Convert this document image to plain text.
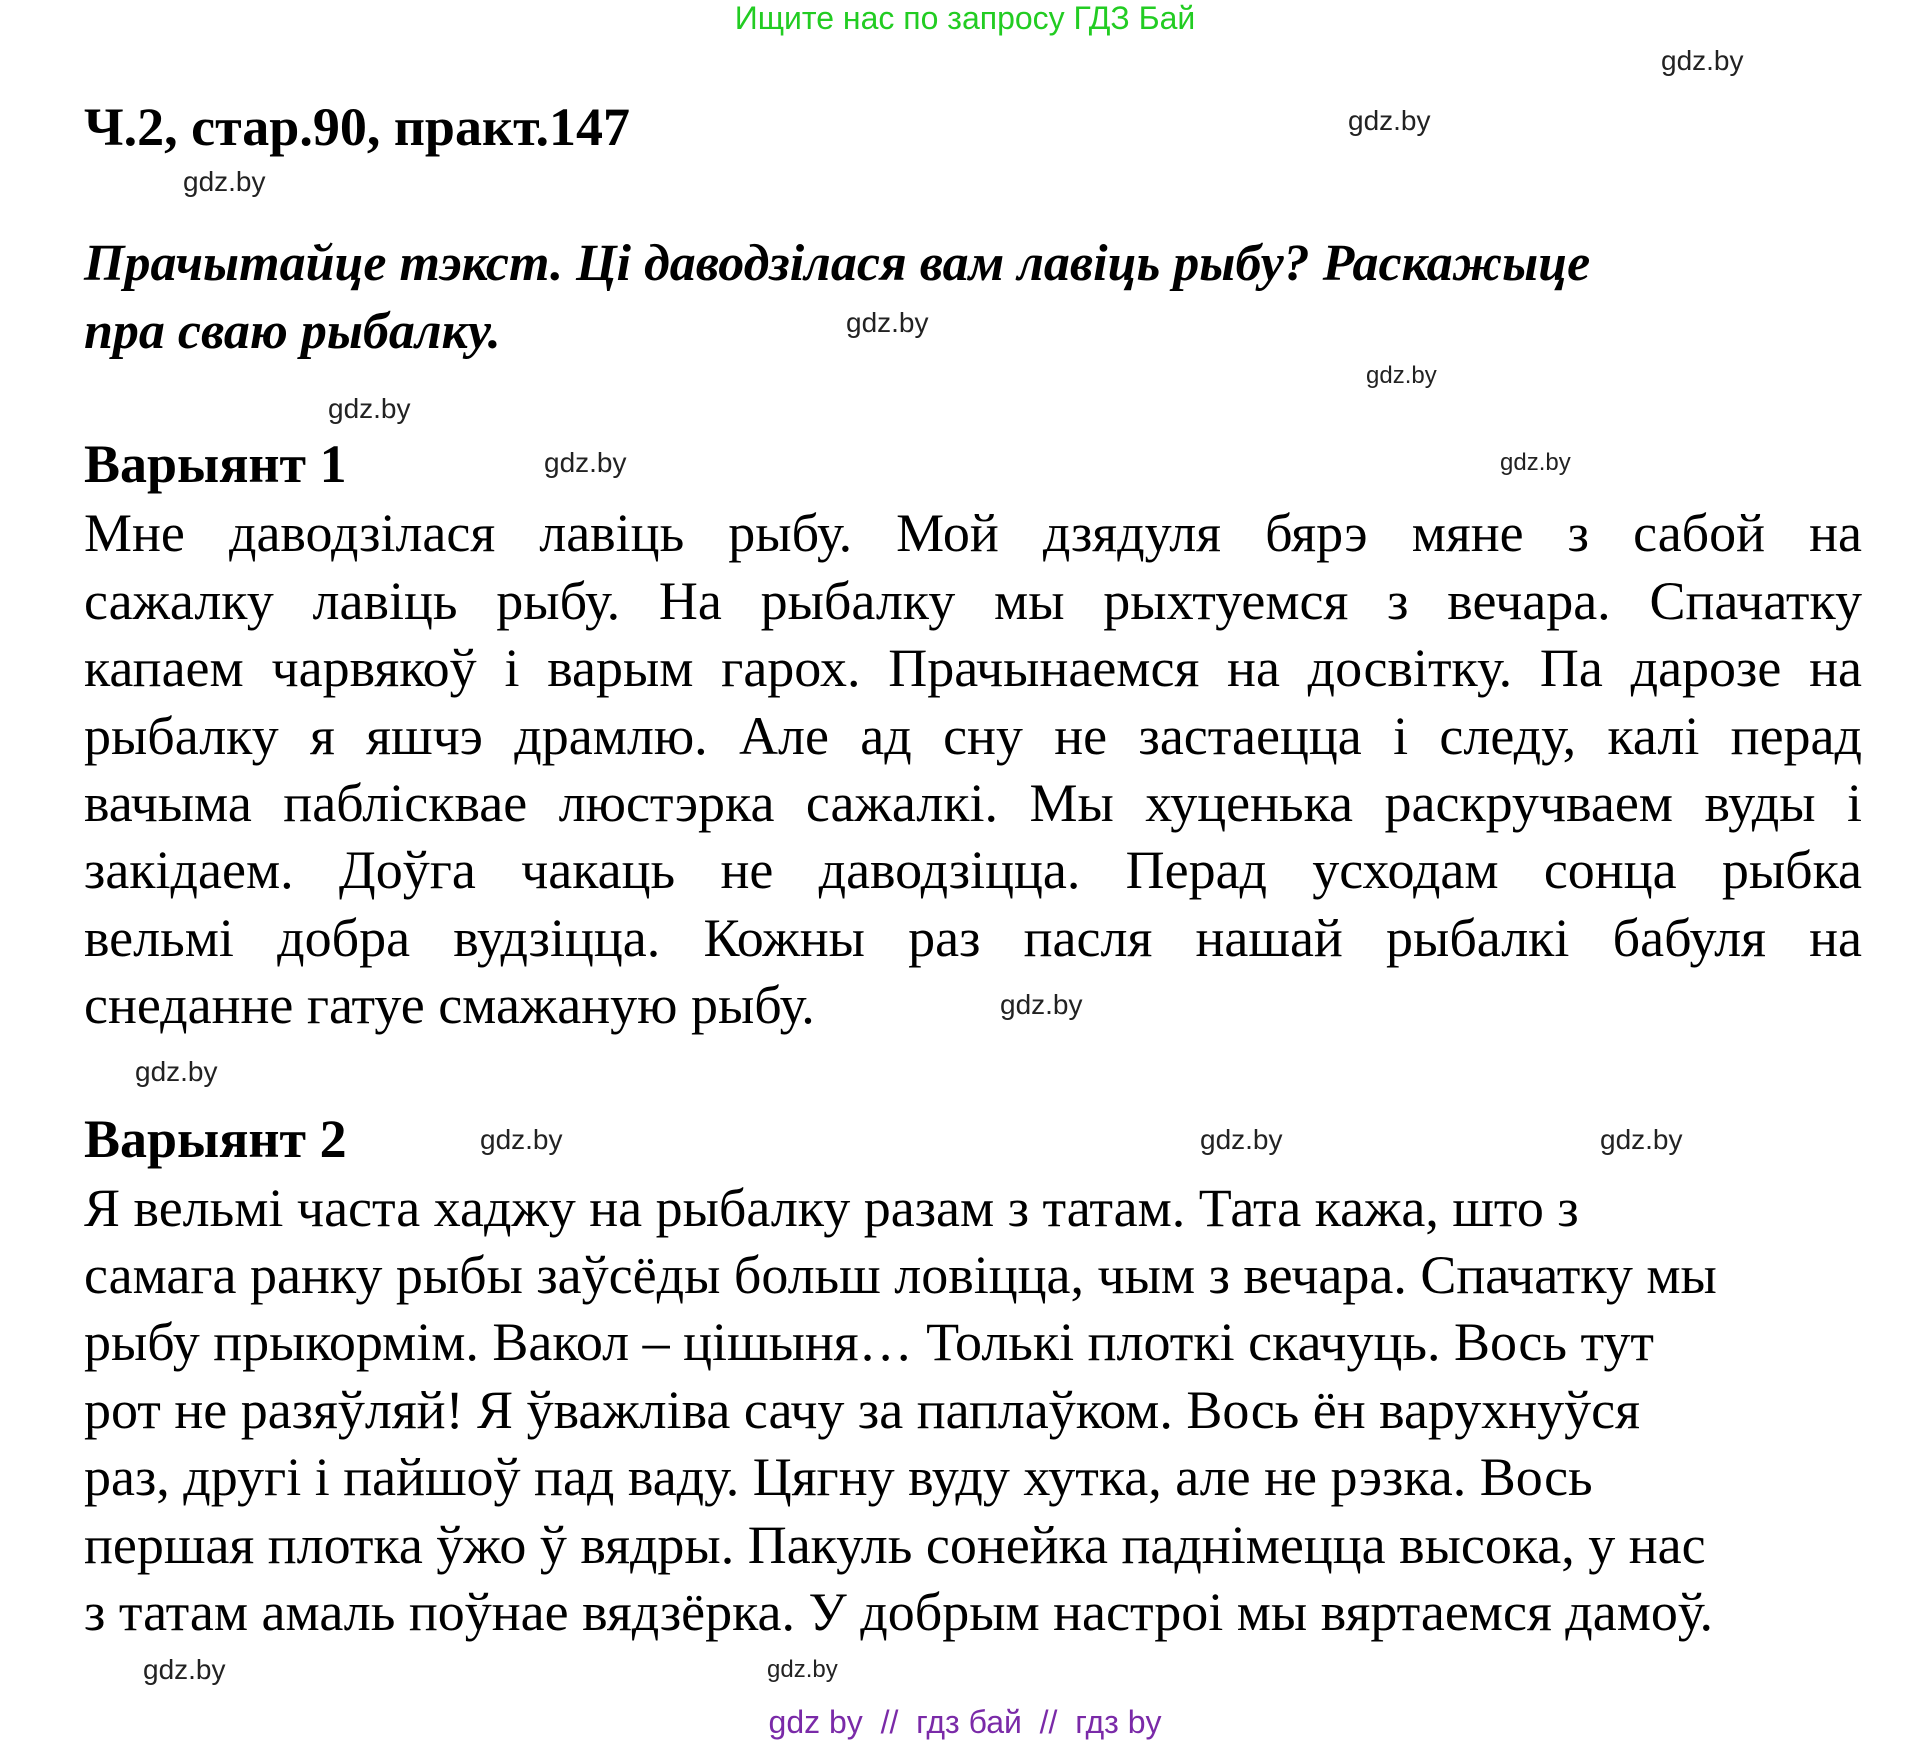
Ищите нас по запросу ГДЗ Бай
Ч.2, стар.90, практ.147
Прачытайце тэкст. Ці даводзілася вам лавіць рыбу? Раскажыце
пра сваю рыбалку.
Варыянт 1
Мне даводзілася лавіць рыбу. Мой дзядуля бярэ мяне з сабой на
сажалку лавіць рыбу. На рыбалку мы рыхтуемся з вечара. Спачатку
капаем чарвякоў і варым гарох. Прачынаемся на досвітку. Па дарозе на
рыбалку я яшчэ драмлю. Але ад сну не застаецца і следу, калі перад
вачыма паблісквае люстэрка сажалкі. Мы хуценька раскручваем вуды і
закідаем. Доўга чакаць не даводзіцца. Перад усходам сонца рыбка
вельмі добра вудзіцца. Кожны раз пасля нашай рыбалкі бабуля на
снеданне гатуе смажаную рыбу.
Варыянт 2
Я вельмі часта хаджу на рыбалку разам з татам. Тата кажа, што з
самага ранку рыбы заўсёды больш ловіцца, чым з вечара. Спачатку мы
рыбу прыкормім. Вакол – цішыня… Толькі плоткі скачуць. Вось тут
рот не разяўляй! Я ўважліва сачу за паплаўком. Вось ён варухнуўся
раз, другі і пайшоў пад ваду. Цягну вуду хутка, але не рэзка. Вось
першая плотка ўжо ў вядры. Пакуль сонейка паднімецца высока, у нас
з татам амаль поўнае вядзёрка. У добрым настроі мы вяртаемся дамоў.
gdz.by
gdz.by
gdz.by
gdz.by
gdz.by
gdz.by
gdz.by	gdz.by
gdz.by
gdz.by
gdz.by	gdz.by
gdz.by
gdz.by
gdz.by
gdz by  //  гдз бай  //  гдз by
